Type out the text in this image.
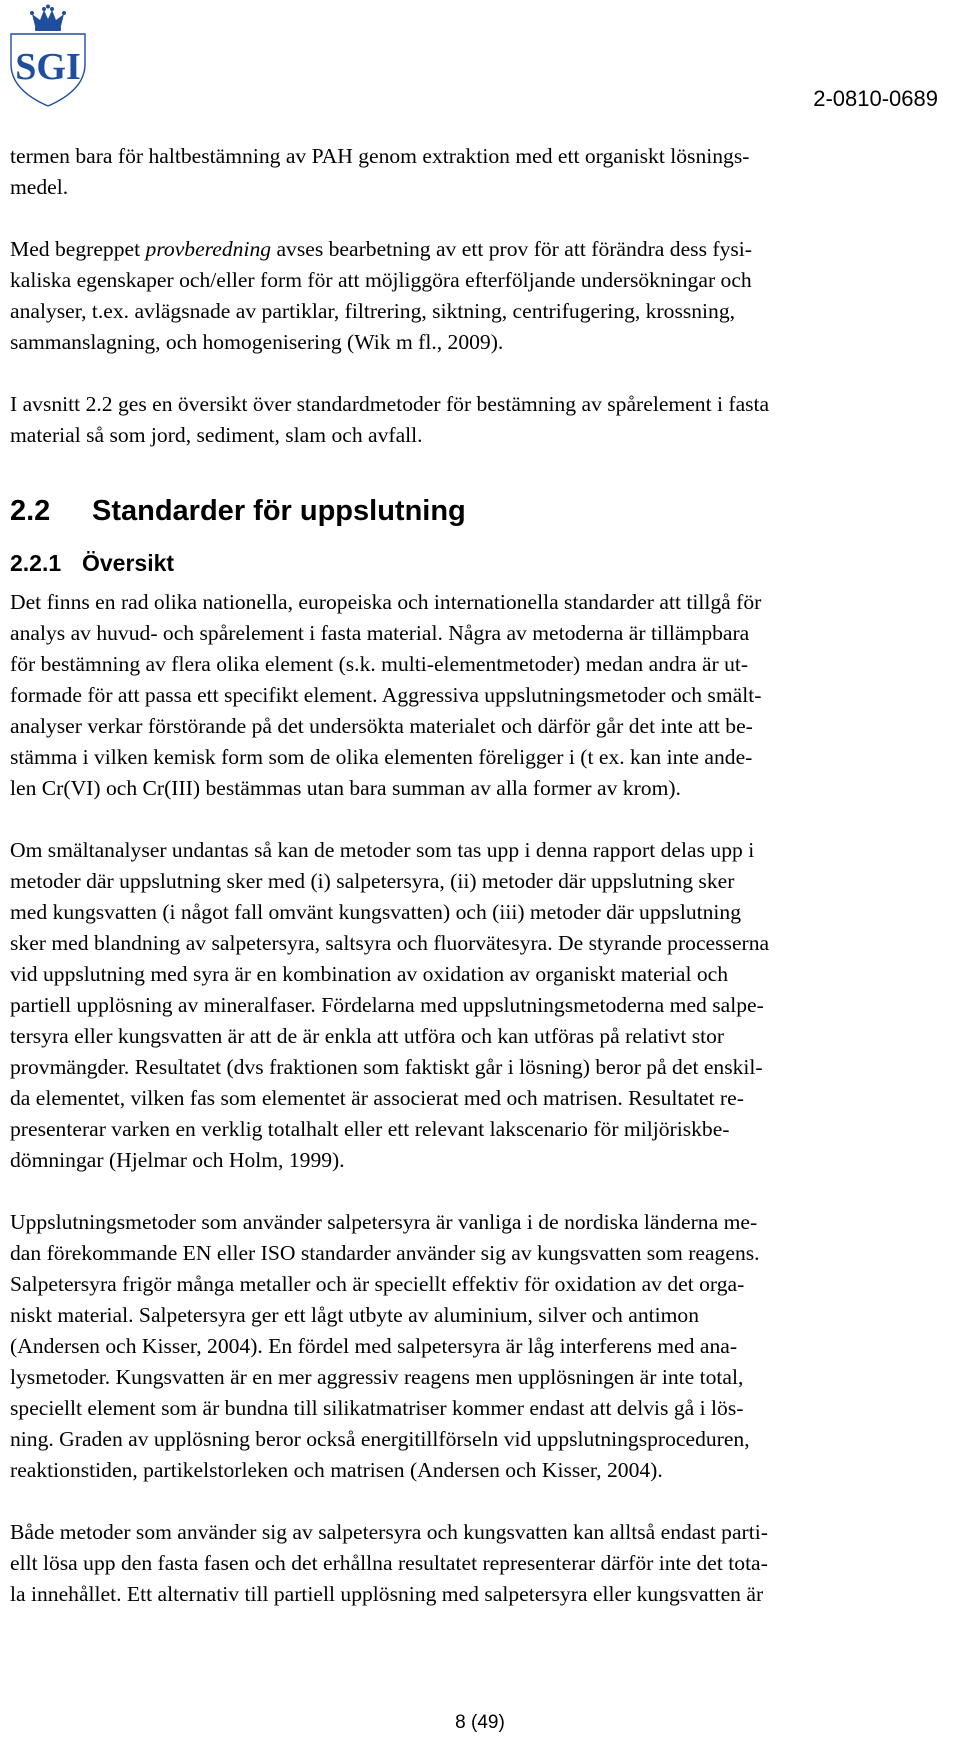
SGI
2-0810-0689

termen bara för haltbestämning av PAH genom extraktion med ett organiskt lösnings-
medel.

Med begreppet provberedning avses bearbetning av ett prov för att förändra dess fysi-
kaliska egenskaper och/eller form för att möjliggöra efterföljande undersökningar och
analyser, t.ex. avlägsnade av partiklar, filtrering, siktning, centrifugering, krossning,
sammanslagning, och homogenisering (Wik m fl., 2009).

I avsnitt 2.2 ges en översikt över standardmetoder för bestämning av spårelement i fasta
material så som jord, sediment, slam och avfall.

2.2 Standarder för uppslutning
2.2.1 Översikt

Det finns en rad olika nationella, europeiska och internationella standarder att tillgå för
analys av huvud- och spårelement i fasta material. Några av metoderna är tillämpbara
för bestämning av flera olika element (s.k. multi-elementmetoder) medan andra är ut-
formade för att passa ett specifikt element. Aggressiva uppslutningsmetoder och smält-
analyser verkar förstörande på det undersökta materialet och därför går det inte att be-
stämma i vilken kemisk form som de olika elementen föreligger i (t ex. kan inte ande-
len Cr(VI) och Cr(III) bestämmas utan bara summan av alla former av krom).

Om smältanalyser undantas så kan de metoder som tas upp i denna rapport delas upp i
metoder där uppslutning sker med (i) salpetersyra, (ii) metoder där uppslutning sker
med kungsvatten (i något fall omvänt kungsvatten) och (iii) metoder där uppslutning
sker med blandning av salpetersyra, saltsyra och fluorvätesyra. De styrande processerna
vid uppslutning med syra är en kombination av oxidation av organiskt material och
partiell upplösning av mineralfaser. Fördelarna med uppslutningsmetoderna med salpe-
tersyra eller kungsvatten är att de är enkla att utföra och kan utföras på relativt stor
provmängder. Resultatet (dvs fraktionen som faktiskt går i lösning) beror på det enskil-
da elementet, vilken fas som elementet är associerat med och matrisen. Resultatet re-
presenterar varken en verklig totalhalt eller ett relevant lakscenario för miljöriskbe-
dömningar (Hjelmar och Holm, 1999).

Uppslutningsmetoder som använder salpetersyra är vanliga i de nordiska länderna me-
dan förekommande EN eller ISO standarder använder sig av kungsvatten som reagens.
Salpetersyra frigör många metaller och är speciellt effektiv för oxidation av det orga-
niskt material. Salpetersyra ger ett lågt utbyte av aluminium, silver och antimon
(Andersen och Kisser, 2004). En fördel med salpetersyra är låg interferens med ana-
lysmetoder. Kungsvatten är en mer aggressiv reagens men upplösningen är inte total,
speciellt element som är bundna till silikatmatriser kommer endast att delvis gå i lös-
ning. Graden av upplösning beror också energitillförseln vid uppslutningsproceduren,
reaktionstiden, partikelstorleken och matrisen (Andersen och Kisser, 2004).

Både metoder som använder sig av salpetersyra och kungsvatten kan alltså endast parti-
ellt lösa upp den fasta fasen och det erhållna resultatet representerar därför inte det tota-
la innehållet. Ett alternativ till partiell upplösning med salpetersyra eller kungsvatten är

8 (49)
